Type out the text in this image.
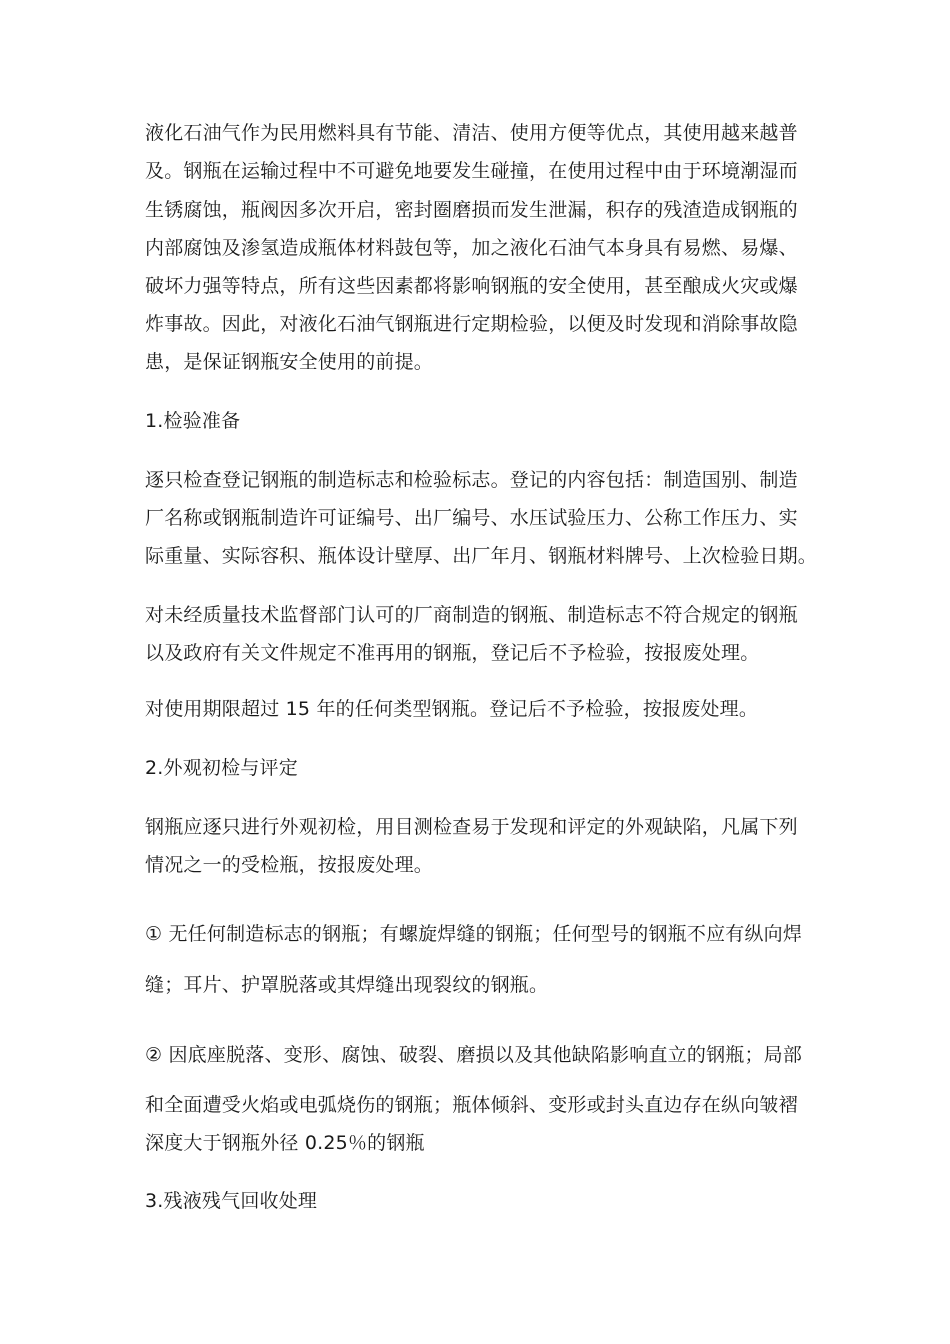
液化石油气作为民用燃料具有节能、清洁、使用方便等优点，其使用越来越普
及。钢瓶在运输过程中不可避免地要发生碰撞，在使用过程中由于环境潮湿而
生锈腐蚀，瓶阀因多次开启，密封圈磨损而发生泄漏，积存的残渣造成钢瓶的
内部腐蚀及渗氢造成瓶体材料鼓包等，加之液化石油气本身具有易燃、易爆、
破坏力强等特点，所有这些因素都将影响钢瓶的安全使用，甚至酿成火灾或爆
炸事故。因此，对液化石油气钢瓶进行定期检验，以便及时发现和消除事故隐
患，是保证钢瓶安全使用的前提。
1.检验准备
逐只检查登记钢瓶的制造标志和检验标志。登记的内容包括：制造国别、制造
厂名称或钢瓶制造许可证编号、出厂编号、水压试验压力、公称工作压力、实
际重量、实际容积、瓶体设计壁厚、出厂年月、钢瓶材料牌号、上次检验日期。
对未经质量技术监督部门认可的厂商制造的钢瓶、制造标志不符合规定的钢瓶
以及政府有关文件规定不准再用的钢瓶，登记后不予检验，按报废处理。
对使用期限超过 15 年的任何类型钢瓶。登记后不予检验，按报废处理。
2.外观初检与评定
钢瓶应逐只进行外观初检，用目测检查易于发现和评定的外观缺陷，凡属下列
情况之一的受检瓶，按报废处理。
① 无任何制造标志的钢瓶；有螺旋焊缝的钢瓶；任何型号的钢瓶不应有纵向焊
缝；耳片、护罩脱落或其焊缝出现裂纹的钢瓶。
② 因底座脱落、变形、腐蚀、破裂、磨损以及其他缺陷影响直立的钢瓶；局部
和全面遭受火焰或电弧烧伤的钢瓶；瓶体倾斜、变形或封头直边存在纵向皱褶
深度大于钢瓶外径 0.25％的钢瓶
3.残液残气回收处理
